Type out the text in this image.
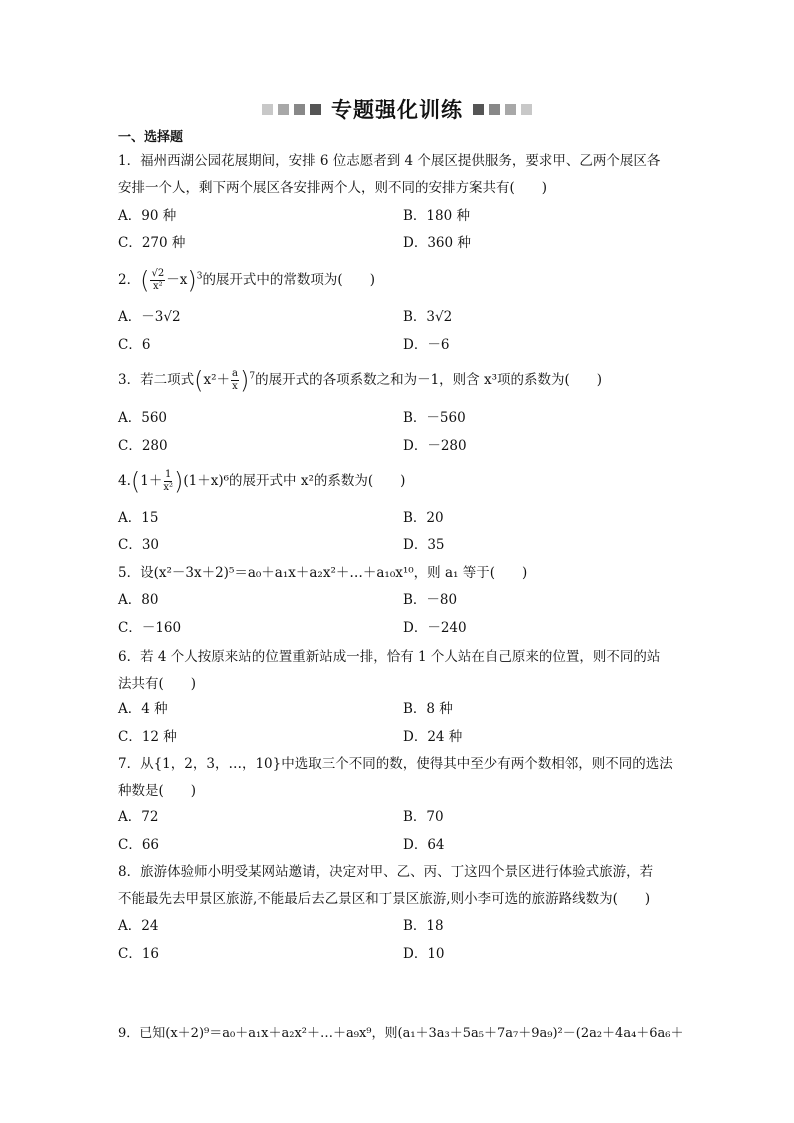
专题强化训练
一、选择题
1．福州西湖公园花展期间，安排 6 位志愿者到 4 个展区提供服务，要求甲、乙两个展区各
安排一个人，剩下两个展区各安排两个人，则不同的安排方案共有(　　)
A．90 种	B．180 种
C．270 种	D．360 种
2．( $\frac{√2}{\text{x²}} -x)^3$的展开式中的常数项为(　　)
A．－3√2	B．3√2
C．6	D．－6
3．若二项式$(x^2+ \frac{a}{x} )^7$的展开式的各项系数之和为－1，则含 x³项的系数为(　　)
A．560	B．－560
C．280	D．－280
$4.(1+ \frac{1}{\text{x²}} )(1+x)^6$的展开式中 x²的系数为(　　)
A．15	B．20
C．30	D．35
5．设(x²－3x＋2)⁵＝a₀＋a₁x＋a₂x²＋…＋a₁₀x¹⁰，则 a₁ 等于(　　)
A．80	B．－80
C．－160	D．－240
6．若 4 个人按原来站的位置重新站成一排，恰有 1 个人站在自己原来的位置，则不同的站
法共有(　　)
A．4 种	B．8 种
C．12 种	D．24 种
7．从{1，2，3，…，10}中选取三个不同的数，使得其中至少有两个数相邻，则不同的选法
种数是(　　)
A．72	B．70
C．66	D．64
8．旅游体验师小明受某网站邀请，决定对甲、乙、丙、丁这四个景区进行体验式旅游，若
不能最先去甲景区旅游,不能最后去乙景区和丁景区旅游,则小李可选的旅游路线数为(　　)
A．24	B．18
C．16	D．10
9．已知(x＋2)⁹＝a₀＋a₁x＋a₂x²＋…＋a₉x⁹，则(a₁＋3a₃＋5a₅＋7a₇＋9a₉)²－(2a₂＋4a₄＋6a₆＋
